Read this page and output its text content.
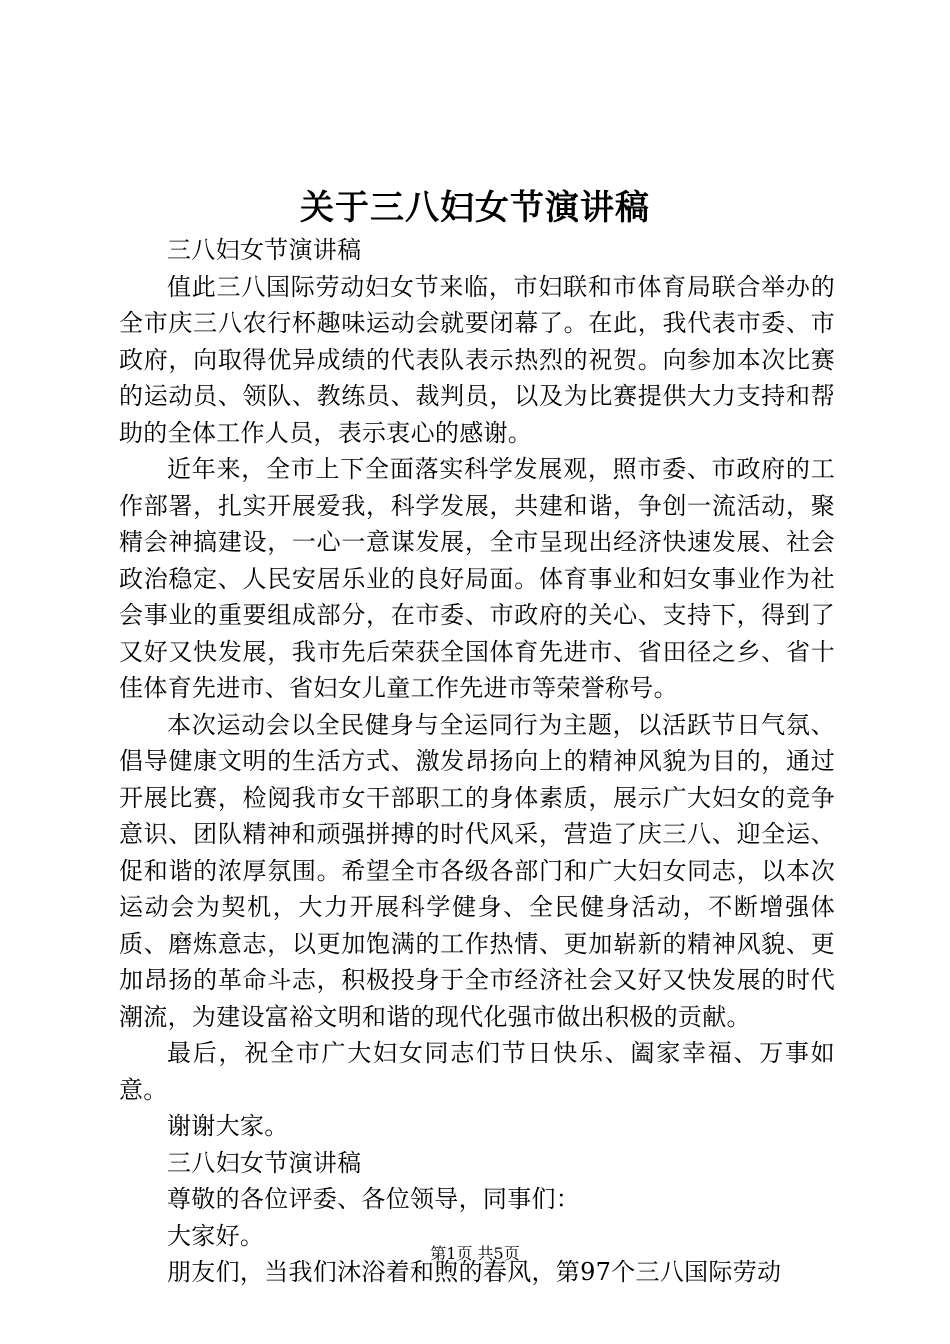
关于三八妇女节演讲稿

三八妇女节演讲稿

值此三八国际劳动妇女节来临，市妇联和市体育局联合举办的全市庆三八农行杯趣味运动会就要闭幕了。在此，我代表市委、市政府，向取得优异成绩的代表队表示热烈的祝贺。向参加本次比赛的运动员、领队、教练员、裁判员，以及为比赛提供大力支持和帮助的全体工作人员，表示衷心的感谢。

近年来，全市上下全面落实科学发展观，照市委、市政府的工作部署，扎实开展爱我，科学发展，共建和谐，争创一流活动，聚精会神搞建设，一心一意谋发展，全市呈现出经济快速发展、社会政治稳定、人民安居乐业的良好局面。体育事业和妇女事业作为社会事业的重要组成部分，在市委、市政府的关心、支持下，得到了又好又快发展，我市先后荣获全国体育先进市、省田径之乡、省十佳体育先进市、省妇女儿童工作先进市等荣誉称号。

本次运动会以全民健身与全运同行为主题，以活跃节日气氛、倡导健康文明的生活方式、激发昂扬向上的精神风貌为目的，通过开展比赛，检阅我市女干部职工的身体素质，展示广大妇女的竞争意识、团队精神和顽强拼搏的时代风采，营造了庆三八、迎全运、促和谐的浓厚氛围。希望全市各级各部门和广大妇女同志，以本次运动会为契机，大力开展科学健身、全民健身活动，不断增强体质、磨炼意志，以更加饱满的工作热情、更加崭新的精神风貌、更加昂扬的革命斗志，积极投身于全市经济社会又好又快发展的时代潮流，为建设富裕文明和谐的现代化强市做出积极的贡献。

最后，祝全市广大妇女同志们节日快乐、阖家幸福、万事如意。

谢谢大家。

三八妇女节演讲稿

尊敬的各位评委、各位领导，同事们：

大家好。

朋友们，当我们沐浴着和煦的春风，第97个三八国际劳动

第1页 共5页
